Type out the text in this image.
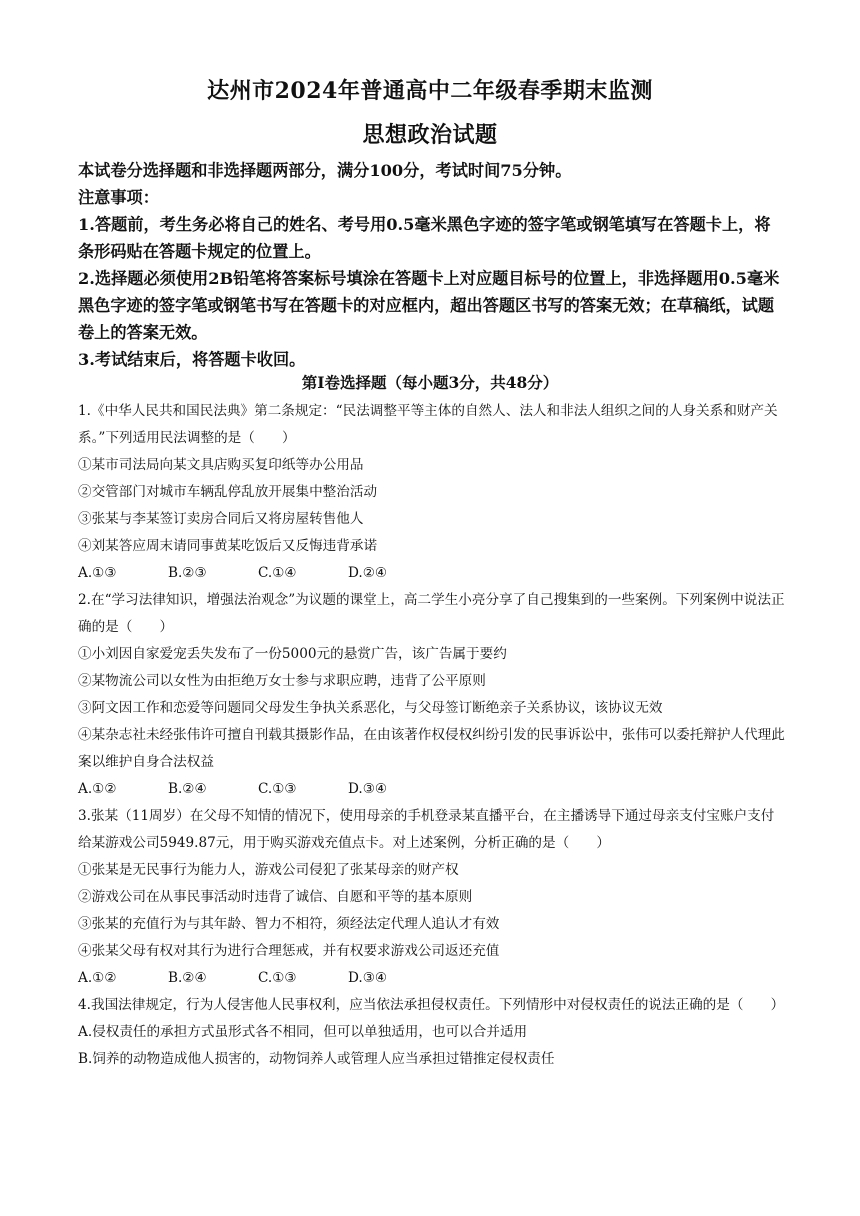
达州市2024年普通高中二年级春季期末监测
思想政治试题

本试卷分选择题和非选择题两部分，满分100分，考试时间75分钟。

注意事项：

1.答题前，考生务必将自己的姓名、考号用0.5毫米黑色字迹的签字笔或钢笔填写在答题卡上，将条形码贴在答题卡规定的位置上。

2.选择题必须使用2B铅笔将答案标号填涂在答题卡上对应题目标号的位置上，非选择题用0.5毫米黑色字迹的签字笔或钢笔书写在答题卡的对应框内，超出答题区书写的答案无效；在草稿纸，试题卷上的答案无效。

3.考试结束后，将答题卡收回。

第Ⅰ卷选择题（每小题3分，共48分）

1.《中华人民共和国民法典》第二条规定：“民法调整平等主体的自然人、法人和非法人组织之间的人身关系和财产关系。”下列适用民法调整的是（　　）

①某市司法局向某文具店购买复印纸等办公用品

②交管部门对城市车辆乱停乱放开展集中整治活动

③张某与李某签订卖房合同后又将房屋转售他人

④刘某答应周末请同事黄某吃饭后又反悔违背承诺

A.①③	B.②③	C.①④	D.②④

2.在“学习法律知识，增强法治观念”为议题的课堂上，高二学生小亮分享了自己搜集到的一些案例。下列案例中说法正确的是（　　）

①小刘因自家爱宠丢失发布了一份5000元的悬赏广告，该广告属于要约

②某物流公司以女性为由拒绝万女士参与求职应聘，违背了公平原则

③阿文因工作和恋爱等问题同父母发生争执关系恶化，与父母签订断绝亲子关系协议，该协议无效

④某杂志社未经张伟许可擅自刊载其摄影作品，在由该著作权侵权纠纷引发的民事诉讼中，张伟可以委托辩护人代理此案以维护自身合法权益

A.①②	B.②④	C.①③	D.③④

3.张某（11周岁）在父母不知情的情况下，使用母亲的手机登录某直播平台，在主播诱导下通过母亲支付宝账户支付给某游戏公司5949.87元，用于购买游戏充值点卡。对上述案例，分析正确的是（　　）

①张某是无民事行为能力人，游戏公司侵犯了张某母亲的财产权

②游戏公司在从事民事活动时违背了诚信、自愿和平等的基本原则

③张某的充值行为与其年龄、智力不相符，须经法定代理人追认才有效

④张某父母有权对其行为进行合理惩戒，并有权要求游戏公司返还充值

A.①②	B.②④	C.①③	D.③④

4.我国法律规定，行为人侵害他人民事权利，应当依法承担侵权责任。下列情形中对侵权责任的说法正确的是（　　）

A.侵权责任的承担方式虽形式各不相同，但可以单独适用，也可以合并适用

B.饲养的动物造成他人损害的，动物饲养人或管理人应当承担过错推定侵权责任
